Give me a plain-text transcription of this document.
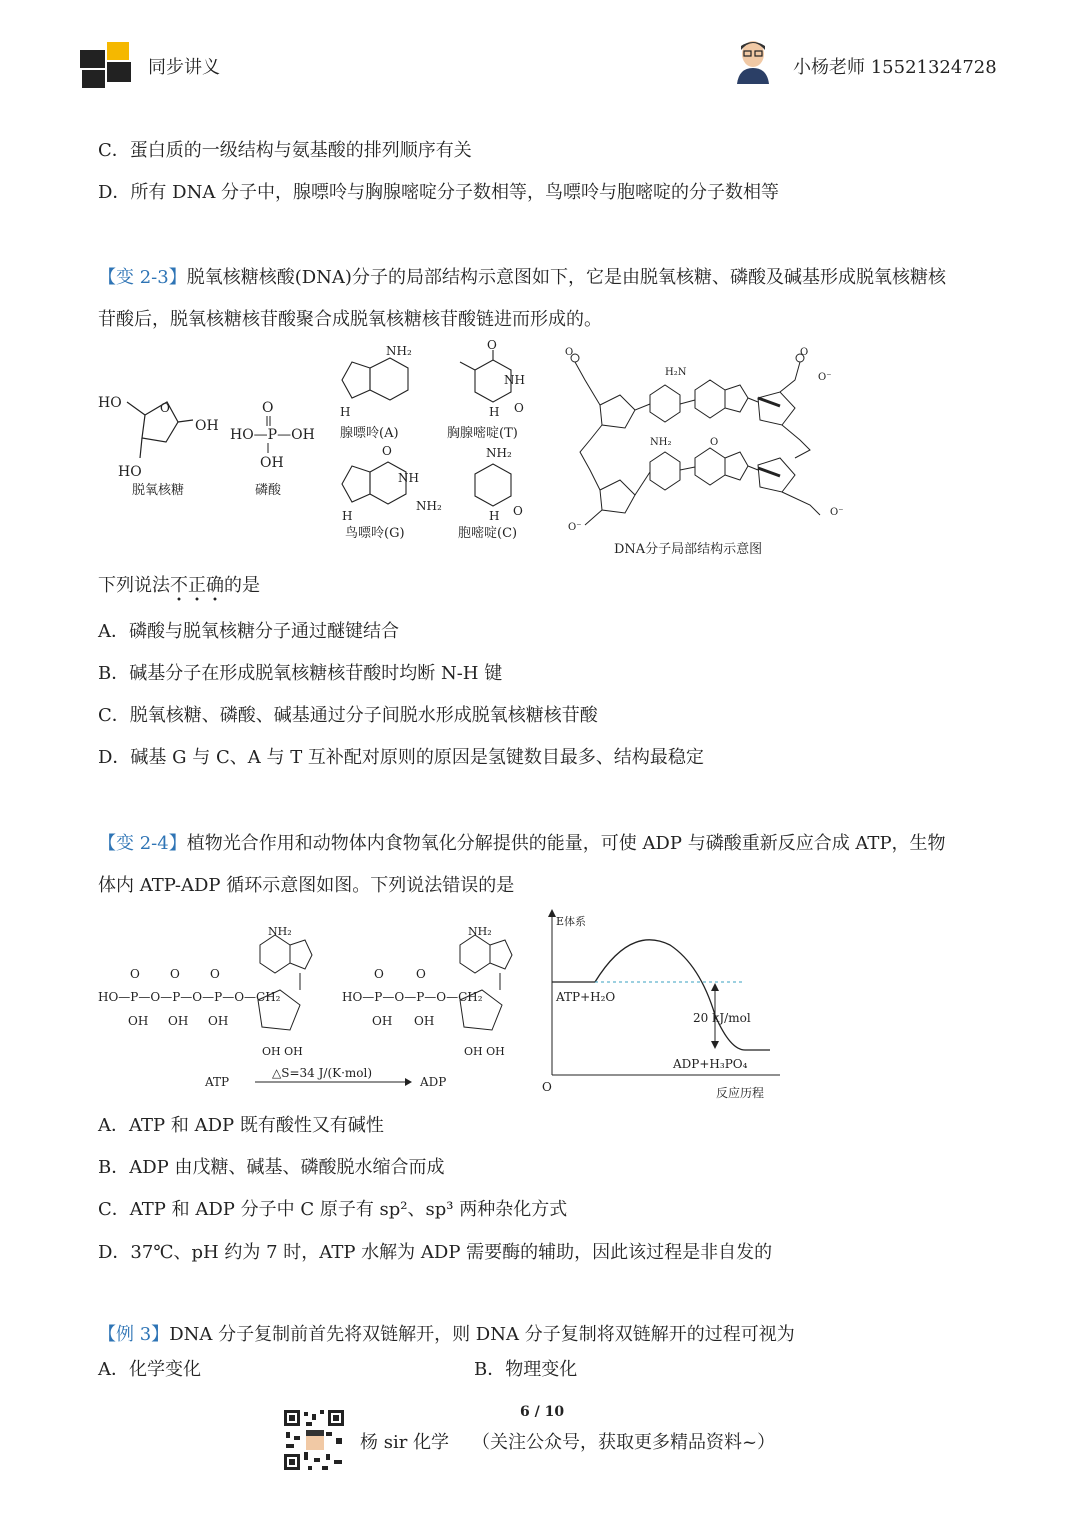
同步讲义	小杨老师 15521324728
C．蛋白质的一级结构与氨基酸的排列顺序有关
D．所有 DNA 分子中，腺嘌呤与胸腺嘧啶分子数相等，鸟嘌呤与胞嘧啶的分子数相等
【变 2-3】脱氧核糖核酸(DNA)分子的局部结构示意图如下，它是由脱氧核糖、磷酸及碱基形成脱氧核糖核
苷酸后，脱氧核糖核苷酸聚合成脱氧核糖核苷酸链进而形成的。
HO
OH
HO
O
脱氧核糖
O
HO—P—OH
OH
磷酸
NH₂
H
腺嘌呤(A)
O
NH
O
H
胸腺嘧啶(T)
O
NH
NH₂
H
鸟嘌呤(G)
NH₂
O
H
胞嘧啶(C)
O	O
H₂N
NH₂	O
O⁻
O⁻
O⁻
DNA分子局部结构示意图
下列说法不正确的是
A．磷酸与脱氧核糖分子通过醚键结合
B．碱基分子在形成脱氧核糖核苷酸时均断 N-H 键
C．脱氧核糖、磷酸、碱基通过分子间脱水形成脱氧核糖核苷酸
D．碱基 G 与 C、A 与 T 互补配对原则的原因是氢键数目最多、结构最稳定
【变 2-4】植物光合作用和动物体内食物氧化分解提供的能量，可使 ADP 与磷酸重新反应合成 ATP，生物
体内 ATP-ADP 循环示意图如图。下列说法错误的是
O	O	O
HO—P—O—P—O—P—O—CH₂
OH OH OH
NH₂
OH OH
ATP
△S=34 J/(K·mol)
ADP
O	O
HO—P—O—P—O—CH₂
OH OH
NH₂
OH OH
E体系
O	反应历程
ATP+H₂O
20 kJ/mol
ADP+H₃PO₄
A．ATP 和 ADP 既有酸性又有碱性
B．ADP 由戊糖、碱基、磷酸脱水缩合而成
C．ATP 和 ADP 分子中 C 原子有 sp²、sp³ 两种杂化方式
D．37℃、pH 约为 7 时，ATP 水解为 ADP 需要酶的辅助，因此该过程是非自发的
【例 3】DNA 分子复制前首先将双链解开，则 DNA 分子复制将双链解开的过程可视为
A．化学变化	B．物理变化
6 / 10
杨 sir 化学 （关注公众号，获取更多精品资料~）
